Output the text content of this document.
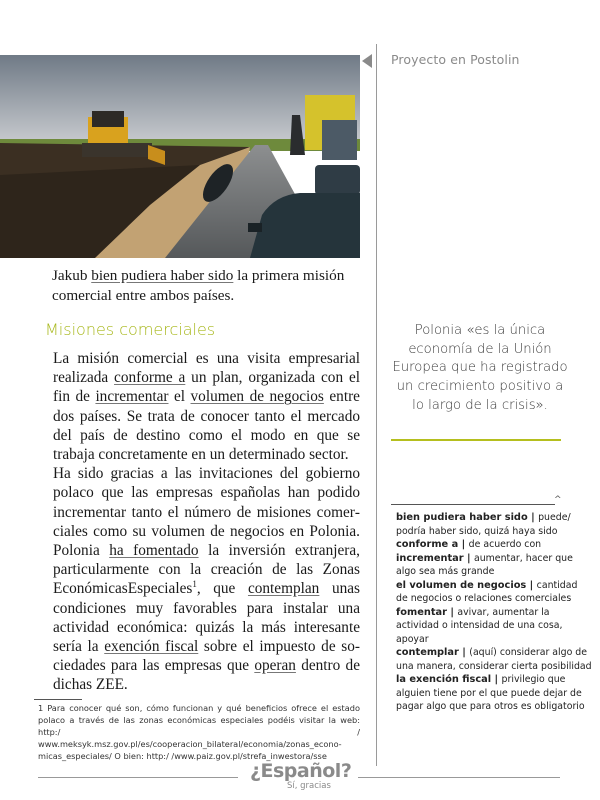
Proyecto en Postolin
Jakub bien pudiera haber sido la primera misión comercial entre ambos países.
Misiones comerciales

La misión comercial es una visita empresarial realizada conforme a un plan, organizada con el fin de incrementar el volumen de negocios entre dos países. Se trata de conocer tanto el mercado del país de destino como el modo en que se trabaja concretamente en un determinado sector.

Ha sido gracias a las invitaciones del gobierno polaco que las empresas españolas han podido incrementar tanto el número de misiones comerciales como su volumen de negocios en Polonia. Polonia ha fomentado la inversión extranjera, particularmente con la creación de las Zonas EconómicasEspeciales$^1$, que contemplan unas condiciones muy favorables para instalar una actividad económica: quizás la más interesante sería la exención fiscal sobre el impuesto de sociedades para las empresas que operan dentro de dichas ZEE.

1 Para conocer qué son, cómo funcionan y qué beneficios ofrece el estado polaco a través de las zonas económicas especiales podéis visitar la web: http:/ / www.meksyk.msz.gov.pl/es/cooperacion_bilateral/economia/zonas_economicas_especiales/ O bien: http:/ /www.paiz.gov.pl/strefa_inwestora/sse
Polonia «es la única economía de la Unión Europea que ha registrado un crecimiento positivo a lo largo de la crisis».
^
bien pudiera haber sido | puede/ podría haber sido, quizá haya sido
conforme a | de acuerdo con
incrementar | aumentar, hacer que algo sea más grande
el volumen de negocios | cantidad de negocios o relaciones comerciales
fomentar | avivar, aumentar la actividad o intensidad de una cosa, apoyar
contemplar | (aquí) considerar algo de una manera, considerar cierta posibilidad
la exención fiscal | privilegio que alguien tiene por el que puede dejar de pagar algo que para otros es obligatorio
¿Español?
Sí, gracias
